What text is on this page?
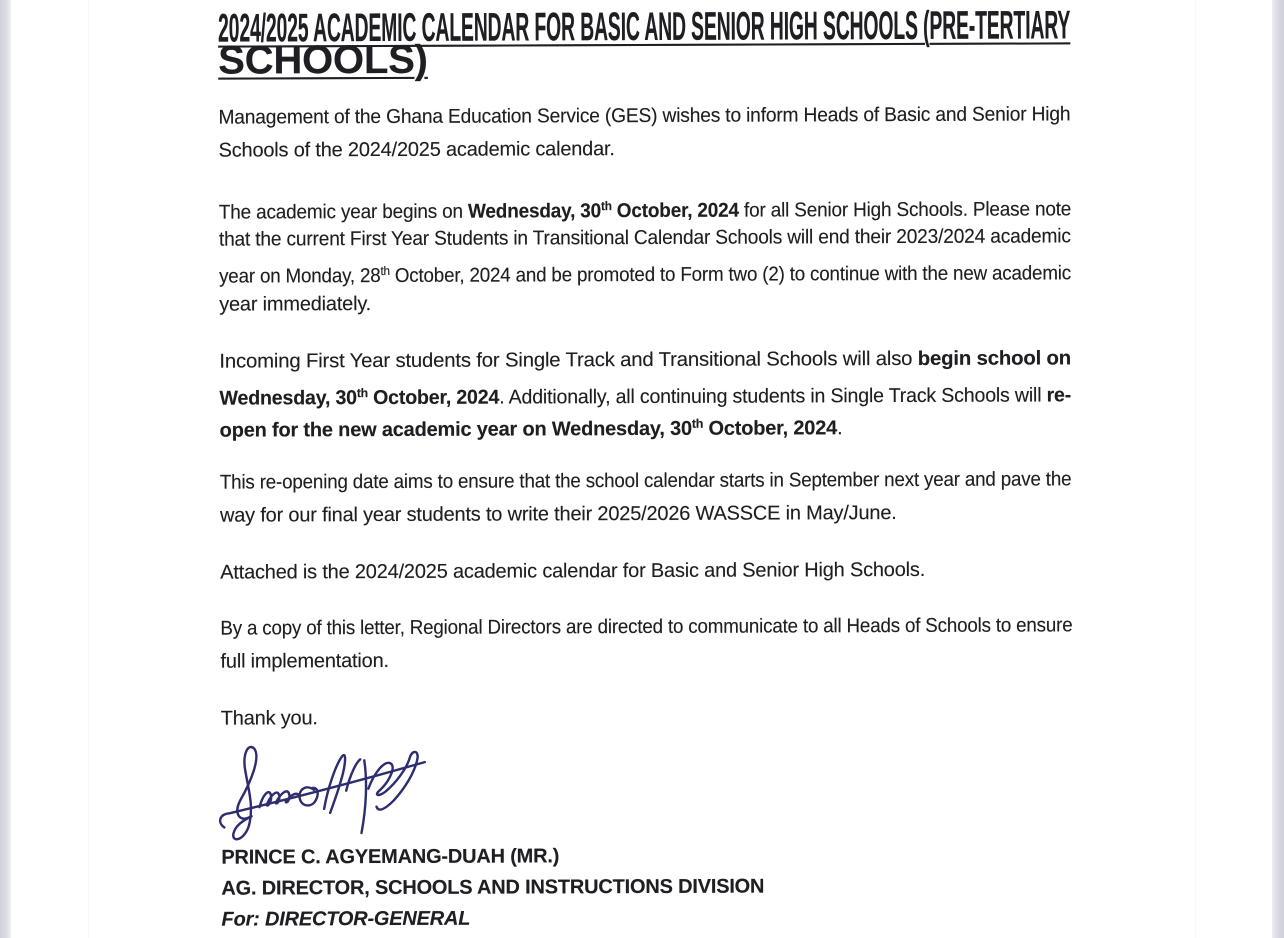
2024/2025 ACADEMIC CALENDAR FOR BASIC AND SENIOR HIGH SCHOOLS (PRE-TERTIARY
SCHOOLS)
Management of the Ghana Education Service (GES) wishes to inform Heads of Basic and Senior High
Schools of the 2024/2025 academic calendar.
The academic year begins on Wednesday, 30th October, 2024 for all Senior High Schools. Please note
that the current First Year Students in Transitional Calendar Schools will end their 2023/2024 academic
year on Monday, 28th October, 2024 and be promoted to Form two (2) to continue with the new academic
year immediately.
Incoming First Year students for Single Track and Transitional Schools will also begin school on
Wednesday, 30th October, 2024. Additionally, all continuing students in Single Track Schools will re-
open for the new academic year on Wednesday, 30th October, 2024.
This re-opening date aims to ensure that the school calendar starts in September next year and pave the
way for our final year students to write their 2025/2026 WASSCE in May/June.
Attached is the 2024/2025 academic calendar for Basic and Senior High Schools.
By a copy of this letter, Regional Directors are directed to communicate to all Heads of Schools to ensure
full implementation.
Thank you.
PRINCE C. AGYEMANG-DUAH (MR.)
AG. DIRECTOR, SCHOOLS AND INSTRUCTIONS DIVISION
For: DIRECTOR-GENERAL
